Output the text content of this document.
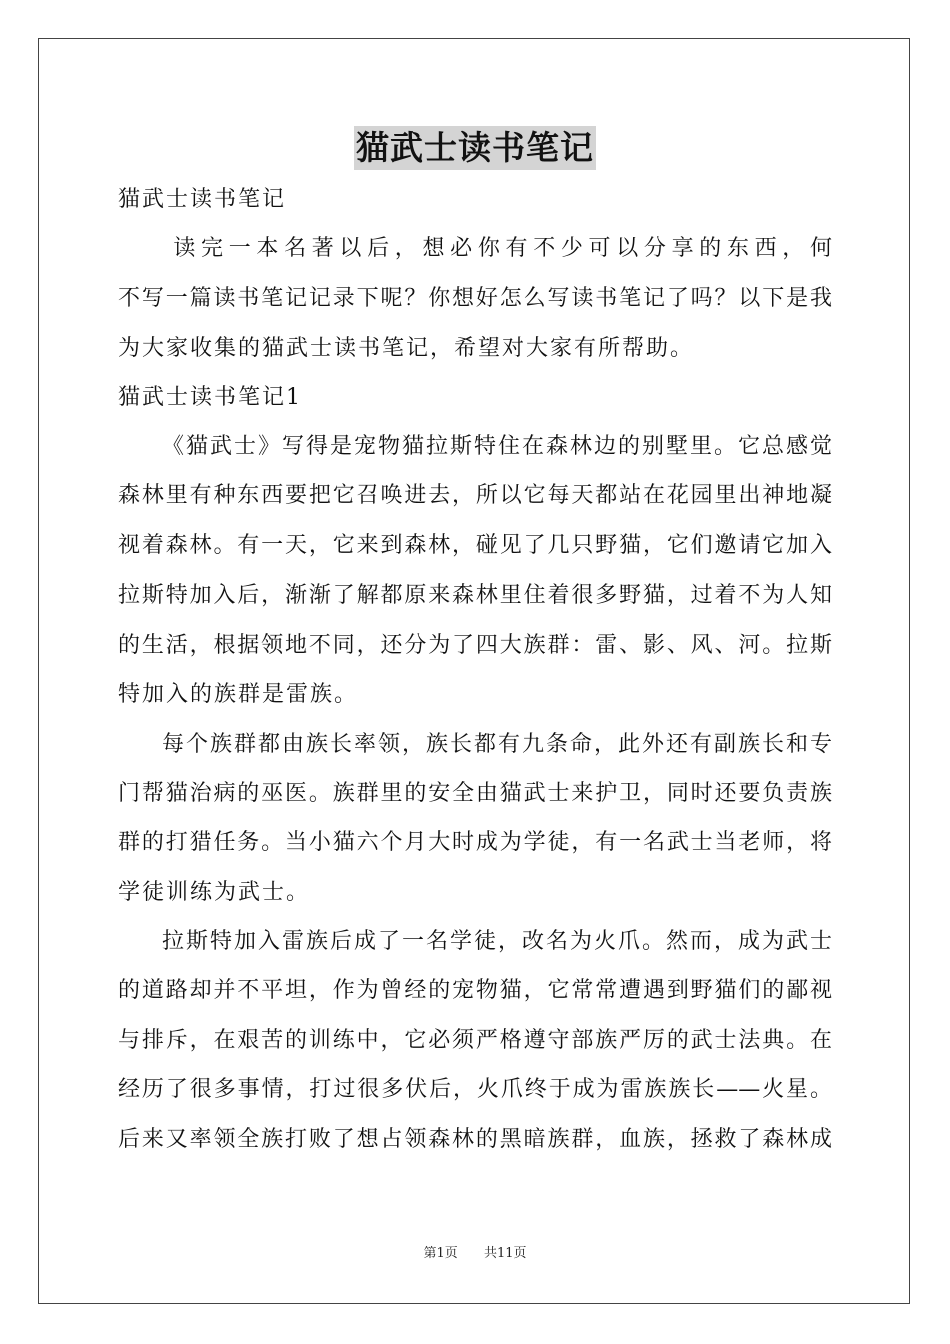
猫武士读书笔记
猫武士读书笔记
　　读完一本名著以后，想必你有不少可以分享的东西，何
不写一篇读书笔记记录下呢？你想好怎么写读书笔记了吗？以下是我
为大家收集的猫武士读书笔记，希望对大家有所帮助。
猫武士读书笔记1
《猫武士》写得是宠物猫拉斯特住在森林边的别墅里。它总感觉
森林里有种东西要把它召唤进去，所以它每天都站在花园里出神地凝
视着森林。有一天，它来到森林，碰见了几只野猫，它们邀请它加入
拉斯特加入后，渐渐了解都原来森林里住着很多野猫，过着不为人知
的生活，根据领地不同，还分为了四大族群：雷、影、风、河。拉斯
特加入的族群是雷族。
每个族群都由族长率领，族长都有九条命，此外还有副族长和专
门帮猫治病的巫医。族群里的安全由猫武士来护卫，同时还要负责族
群的打猎任务。当小猫六个月大时成为学徒，有一名武士当老师，将
学徒训练为武士。
拉斯特加入雷族后成了一名学徒，改名为火爪。然而，成为武士
的道路却并不平坦，作为曾经的宠物猫，它常常遭遇到野猫们的鄙视
与排斥，在艰苦的训练中，它必须严格遵守部族严厉的武士法典。在
经历了很多事情，打过很多伏后，火爪终于成为雷族族长——火星。
后来又率领全族打败了想占领森林的黑暗族群，血族，拯救了森林成
第1页 共11页
